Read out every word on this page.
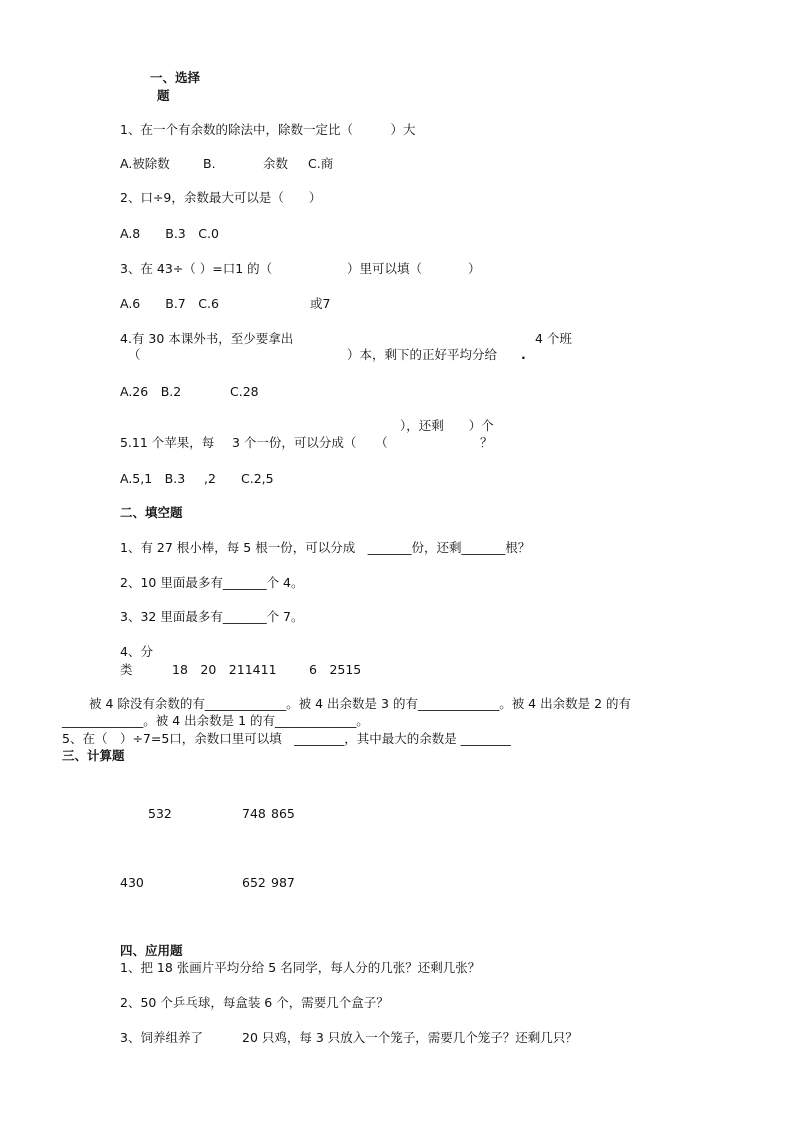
一、选择
题
1、在一个有余数的除法中，除数一定比（　　　）大
A.被除数	B.	余数 C.商
2、口÷9，余数最大可以是（　　）
A.8　　B.3　C.0
3、在 43÷（ ）=口1 的（	）里可以填（	）
A.6　　B.7　C.6	或7
4.有 30 本课外书，至少要拿出	4 个班
（	）本，剩下的正好平均分给 .
A.26　B.2	C.28
），还剩　　）个
5.11 个苹果，每 3 个一份，可以分成（　　（	？
A.5,1　B.3 ,2 C.2,5
二、填空题
1、有 27 根小棒，每 5 根一份，可以分成　_______份，还剩_______根？
2、10 里面最多有_______个 4。
3、32 里面最多有_______个 7。
4、分
类	18　20　211411	6　2515
被 4 除没有余数的有_____________。被 4 出余数是 3 的有_____________。被 4 出余数是 2 的有
_____________。被 4 出余数是 1 的有_____________。
5、在（　）÷7=5口，余数口里可以填　________，其中最大的余数是 ________
三、计算题
532	748 865
430	652 987
四、应用题
1、把 18 张画片平均分给 5 名同学，每人分的几张？还剩几张？
2、50 个乒乓球，每盒装 6 个，需要几个盒子？
3、饲养组养了	20 只鸡，每 3 只放入一个笼子，需要几个笼子？还剩几只？
